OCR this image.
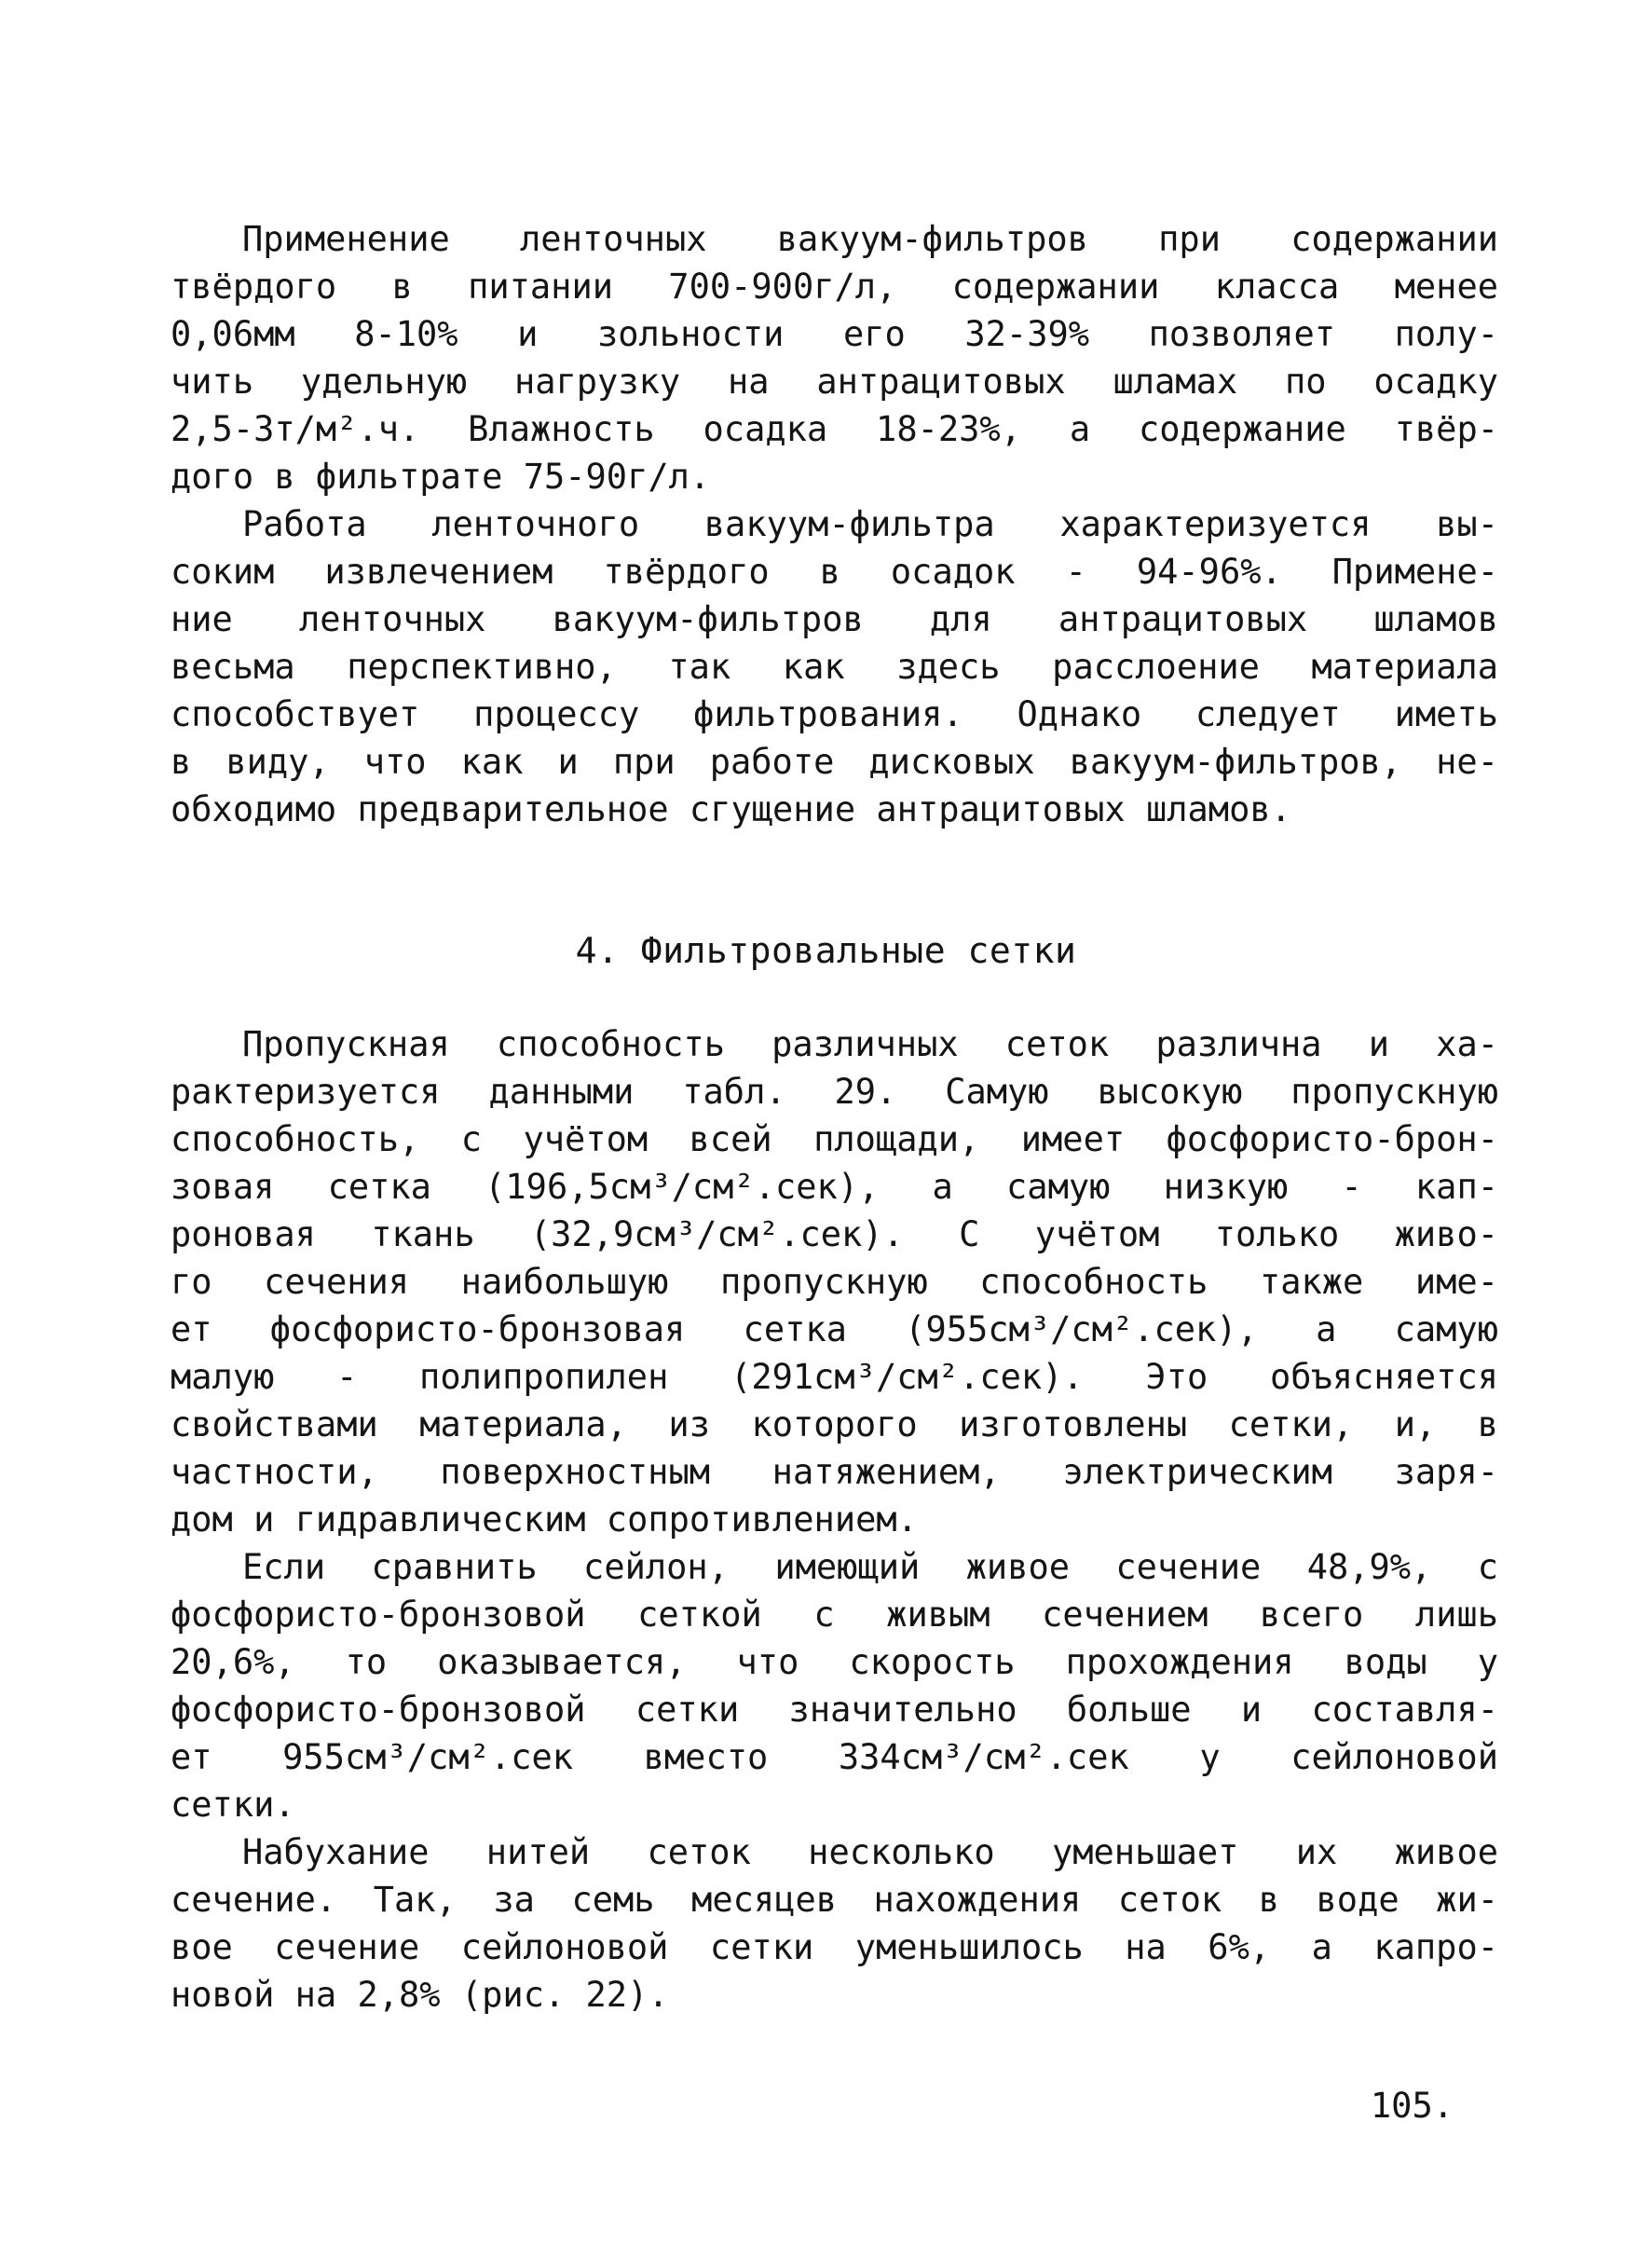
Применение ленточных вакуум-фильтров при содержании
твёрдого в питании 700-900г/л, содержании класса менее
0,06мм 8-10% и зольности его 32-39% позволяет полу-
чить удельную нагрузку на антрацитовых шламах по осадку
2,5-3т/м².ч. Влажность осадка 18-23%, а содержание твёр-
дого в фильтрате 75-90г/л.
Работа ленточного вакуум-фильтра характеризуется вы-
соким извлечением твёрдого в осадок - 94-96%. Примене-
ние ленточных вакуум-фильтров для антрацитовых шламов
весьма перспективно, так как здесь расслоение материала
способствует процессу фильтрования. Однако следует иметь
в виду, что как и при работе дисковых вакуум-фильтров, не-
обходимо предварительное сгущение антрацитовых шламов.
4. Фильтровальные сетки
Пропускная способность различных сеток различна и ха-
рактеризуется данными табл. 29. Самую высокую пропускную
способность, с учётом всей площади, имеет фосфористо-брон-
зовая сетка (196,5см³/см².сек), а самую низкую - кап-
роновая ткань (32,9см³/см².сек). С учётом только живо-
го сечения наибольшую пропускную способность также име-
ет фосфористо-бронзовая сетка (955см³/см².сек), а самую
малую - полипропилен (291см³/см².сек). Это объясняется
свойствами материала, из которого изготовлены сетки, и, в
частности, поверхностным натяжением, электрическим заря-
дом и гидравлическим сопротивлением.
Если сравнить сейлон, имеющий живое сечение 48,9%, с
фосфористо-бронзовой сеткой с живым сечением всего лишь
20,6%, то оказывается, что скорость прохождения воды у
фосфористо-бронзовой сетки значительно больше и составля-
ет 955см³/см².сек вместо 334см³/см².сек у сейлоновой
сетки.
Набухание нитей сеток несколько уменьшает их живое
сечение. Так, за семь месяцев нахождения сеток в воде жи-
вое сечение сейлоновой сетки уменьшилось на 6%, а капро-
новой на 2,8% (рис. 22).
105.
